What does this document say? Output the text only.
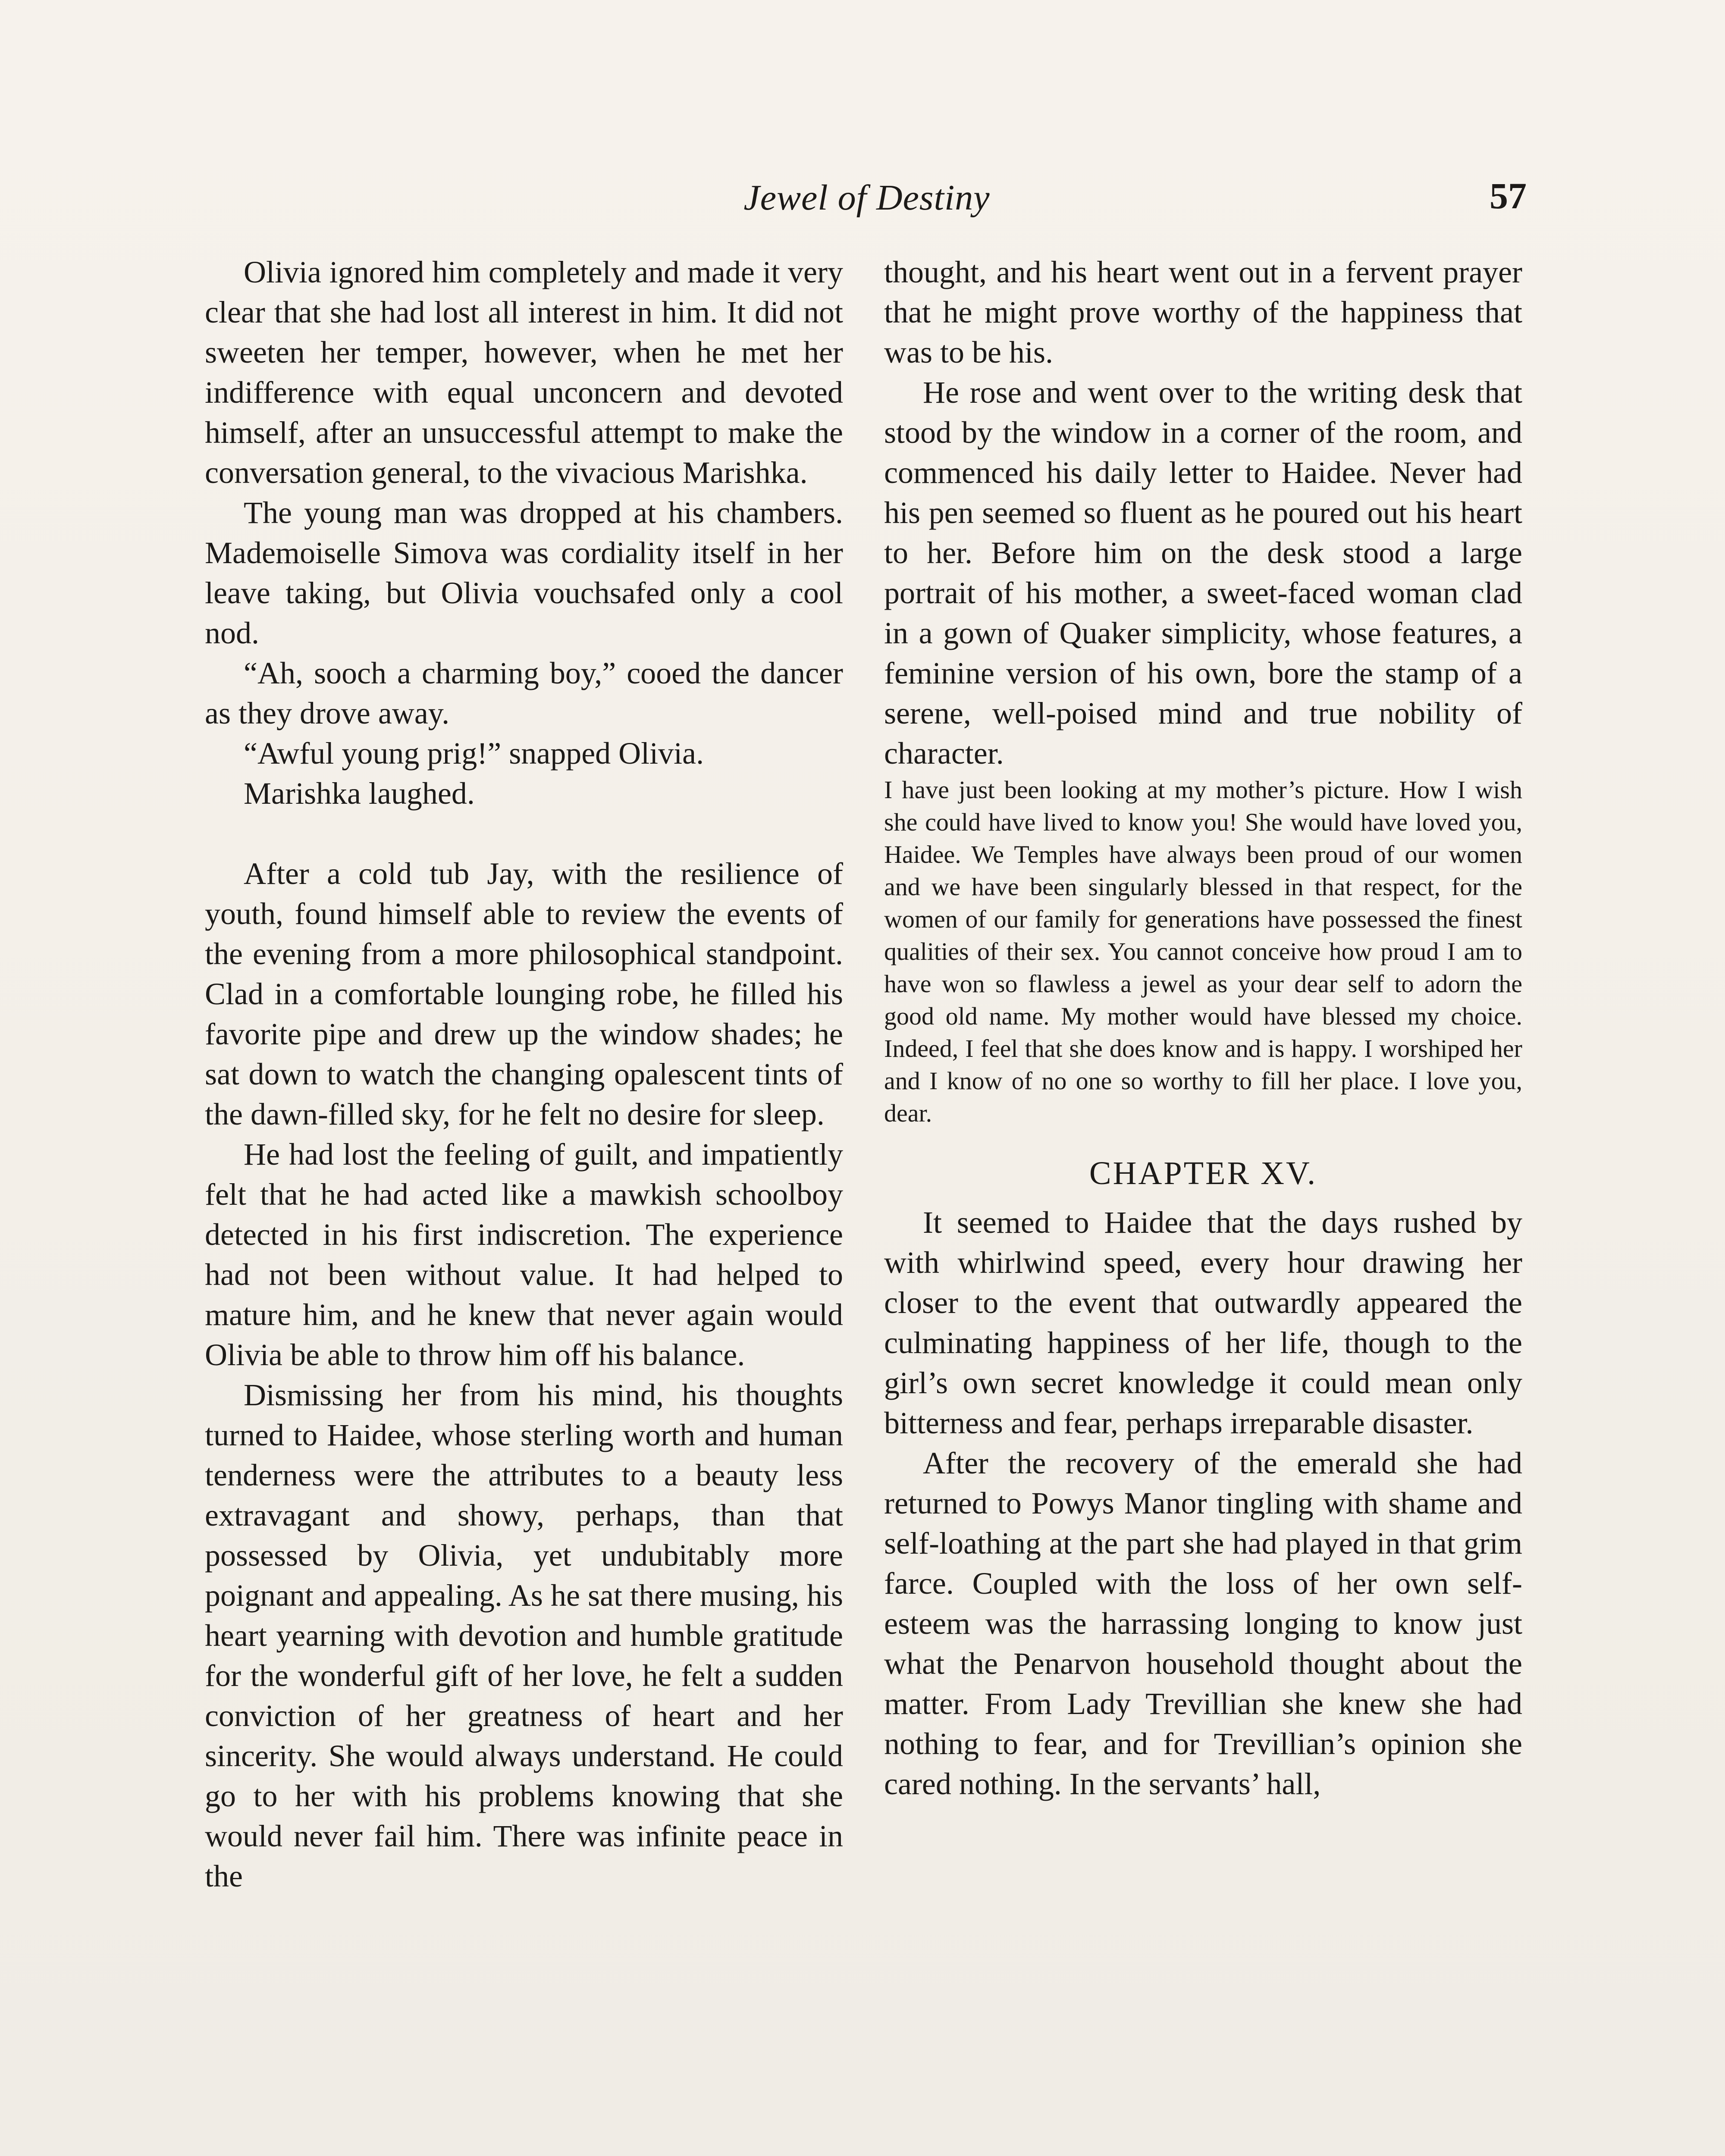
Jewel of Destiny	57

Olivia ignored him completely and made it very clear that she had lost all interest in him. It did not sweeten her temper, however, when he met her indifference with equal unconcern and devoted himself, after an unsuccessful attempt to make the conversation general, to the vivacious Marishka.

The young man was dropped at his chambers. Mademoiselle Simova was cordiality itself in her leave taking, but Olivia vouchsafed only a cool nod.

“Ah, sooch a charming boy,” cooed the dancer as they drove away.

“Awful young prig!” snapped Olivia.

Marishka laughed.

After a cold tub Jay, with the resilience of youth, found himself able to review the events of the evening from a more philosophical standpoint. Clad in a comfortable lounging robe, he filled his favorite pipe and drew up the window shades; he sat down to watch the changing opalescent tints of the dawn-filled sky, for he felt no desire for sleep.

He had lost the feeling of guilt, and impatiently felt that he had acted like a mawkish schoolboy detected in his first indiscretion. The experience had not been without value. It had helped to mature him, and he knew that never again would Olivia be able to throw him off his balance.

Dismissing her from his mind, his thoughts turned to Haidee, whose sterling worth and human tenderness were the attributes to a beauty less extravagant and showy, perhaps, than that possessed by Olivia, yet undubitably more poignant and appealing. As he sat there musing, his heart yearning with devotion and humble gratitude for the wonderful gift of her love, he felt a sudden conviction of her greatness of heart and her sincerity. She would always understand. He could go to her with his problems knowing that she would never fail him. There was infinite peace in the

thought, and his heart went out in a fervent prayer that he might prove worthy of the happiness that was to be his.

He rose and went over to the writing desk that stood by the window in a corner of the room, and commenced his daily letter to Haidee. Never had his pen seemed so fluent as he poured out his heart to her. Before him on the desk stood a large portrait of his mother, a sweet-faced woman clad in a gown of Quaker simplicity, whose features, a feminine version of his own, bore the stamp of a serene, well-poised mind and true nobility of character.

I have just been looking at my mother’s picture. How I wish she could have lived to know you! She would have loved you, Haidee. We Temples have always been proud of our women and we have been singularly blessed in that respect, for the women of our family for generations have possessed the finest qualities of their sex. You cannot conceive how proud I am to have won so flawless a jewel as your dear self to adorn the good old name. My mother would have blessed my choice. Indeed, I feel that she does know and is happy. I worshiped her and I know of no one so worthy to fill her place. I love you, dear.

CHAPTER XV.

It seemed to Haidee that the days rushed by with whirlwind speed, every hour drawing her closer to the event that outwardly appeared the culminating happiness of her life, though to the girl’s own secret knowledge it could mean only bitterness and fear, perhaps irreparable disaster.

After the recovery of the emerald she had returned to Powys Manor tingling with shame and self-loathing at the part she had played in that grim farce. Coupled with the loss of her own self-esteem was the harrassing longing to know just what the Penarvon household thought about the matter. From Lady Trevillian she knew she had nothing to fear, and for Trevillian’s opinion she cared nothing. In the servants’ hall,
